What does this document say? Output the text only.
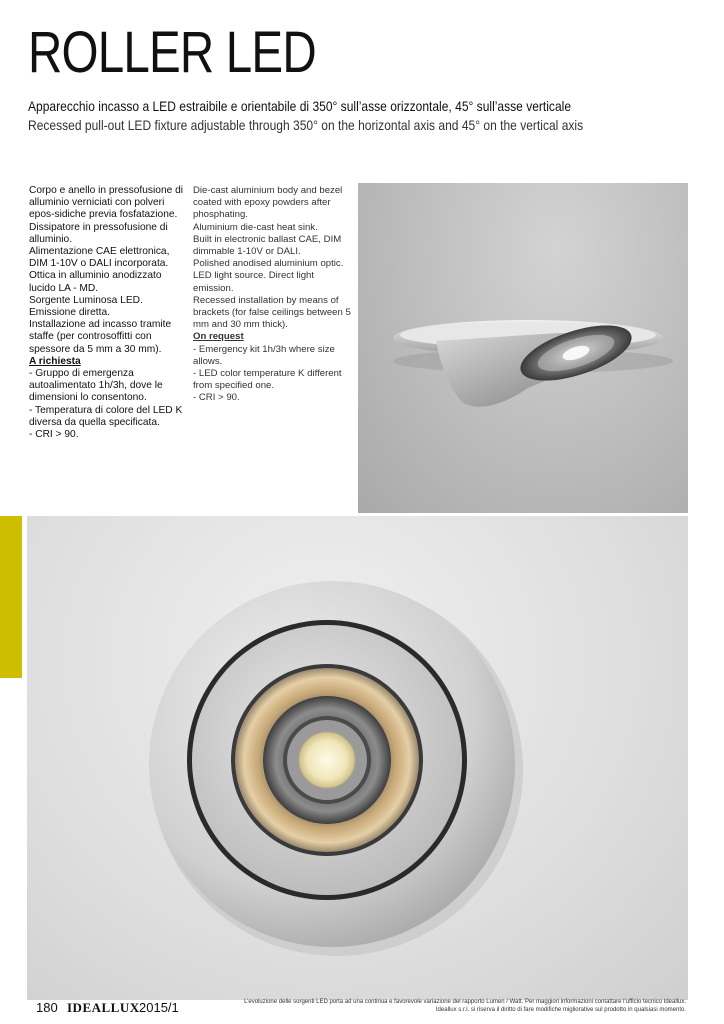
ROLLER LED
Apparecchio incasso a LED estraibile e orientabile di 350° sull’asse orizzontale, 45° sull’asse verticale
Recessed pull-out LED fixture adjustable through 350° on the horizontal axis and 45° on the vertical axis

Corpo e anello in pressofusione di alluminio verniciati con polveri epos-sidiche previa fosfatazione.

Dissipatore in pressofusione di alluminio.

Alimentazione CAE elettronica, DIM 1-10V o DALI incorporata.

Ottica in alluminio anodizzato lucido LA - MD.

Sorgente Luminosa LED.

Emissione diretta.

Installazione ad incasso tramite staffe (per controsoffitti con spessore da 5 mm a 30 mm).

A richiesta

- Gruppo di emergenza autoalimentato 1h/3h, dove le dimensioni lo consentono.

- Temperatura di colore del LED K diversa da quella specificata.

- CRI > 90.

Die-cast aluminium body and bezel coated with epoxy powders after phosphating.

Aluminium die-cast heat sink.

Built in electronic ballast CAE, DIM dimmable 1-10V or DALI.

Polished anodised aluminium optic.

LED light source. Direct light emission.

Recessed installation by means of brackets (for false ceilings between 5 mm and 30 mm thick).

On request

- Emergency kit 1h/3h where size allows.

- LED color temperature K different from specified one.

- CRI > 90.

180 IDEALLUX 2015/1	L’evoluzione delle sorgenti LED porta ad una continua e favorevole variazione del rapporto Lumen / Watt. Per maggiori informazioni contattare l’ufficio tecnico Ideallux.
Ideallux s.r.l. si riserva il diritto di fare modifiche migliorative sul prodotto in qualsiasi momento.
